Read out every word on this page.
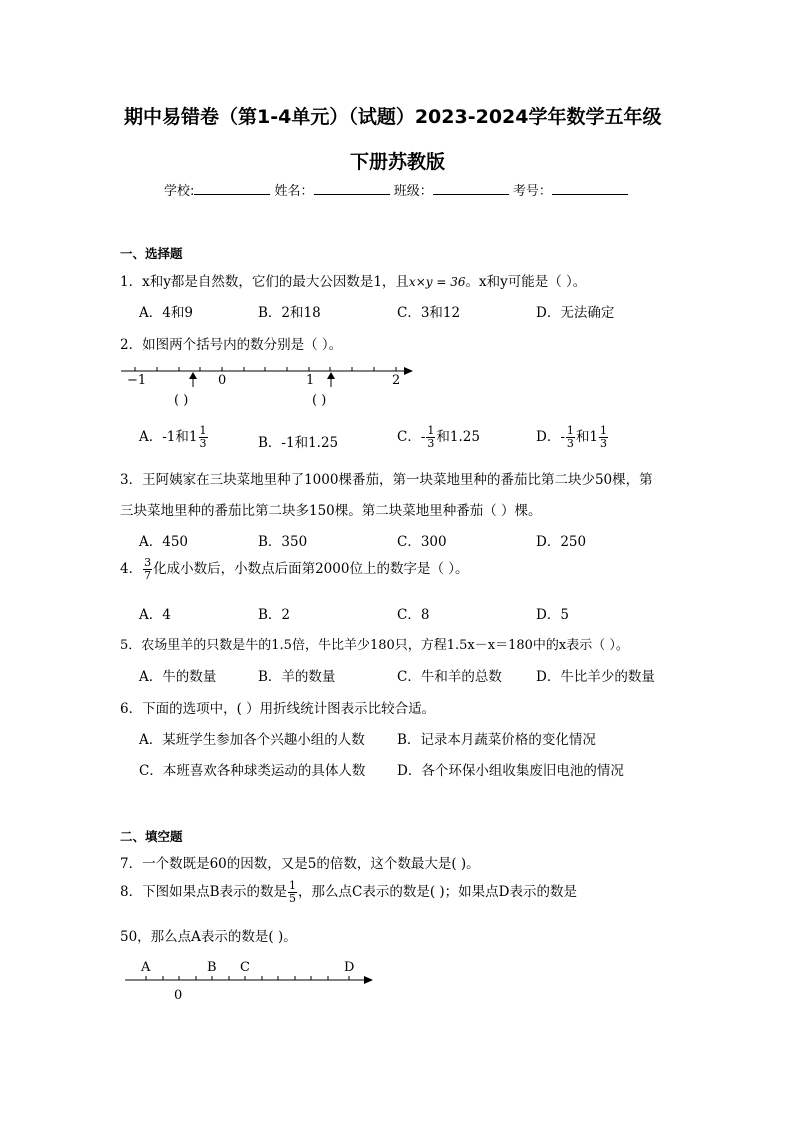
期中易错卷（第1-4单元）（试题）2023-2024学年数学五年级
下册苏教版
学校:	姓名：	班级：	考号：
一、选择题
1．x和y都是自然数，它们的最大公因数是1，且x×y = 36。x和y可能是（ ）。
A．4和9	B．2和18	C．3和12	D．无法确定
2．如图两个括号内的数分别是（ ）。
−1	0	1	2
( )	( )
A．-1和$1 \frac{1}{3}$	B．-1和1.25	C．- $\frac{1}{3}$ 和1.25	D．- $\frac{1}{3}$ 和$1 \frac{1}{3}$
3．王阿姨家在三块菜地里种了1000棵番茄，第一块菜地里种的番茄比第二块少50棵，第
三块菜地里种的番茄比第二块多150棵。第二块菜地里种番茄（ ）棵。
A．450	B．350	C．300	D．250
4． $\frac{3}{7}$ 化成小数后，小数点后面第2000位上的数字是（ ）。
A．4	B．2	C．8	D．5
5．农场里羊的只数是牛的1.5倍，牛比羊少180只，方程1.5x－x＝180中的x表示（ ）。
A．牛的数量	B．羊的数量	C．牛和羊的总数	D．牛比羊少的数量
6．下面的选项中，( ）用折线统计图表示比较合适。
A．某班学生参加各个兴趣小组的人数 B．记录本月蔬菜价格的变化情况
C．本班喜欢各种球类运动的具体人数 D．各个环保小组收集废旧电池的情况
二、填空题
7．一个数既是60的因数，又是5的倍数，这个数最大是( )。
8．下图如果点B表示的数是 $\frac{1}{5}$ ，那么点C表示的数是( )；如果点D表示的数是
50，那么点A表示的数是( )。
A	B C	D
0
